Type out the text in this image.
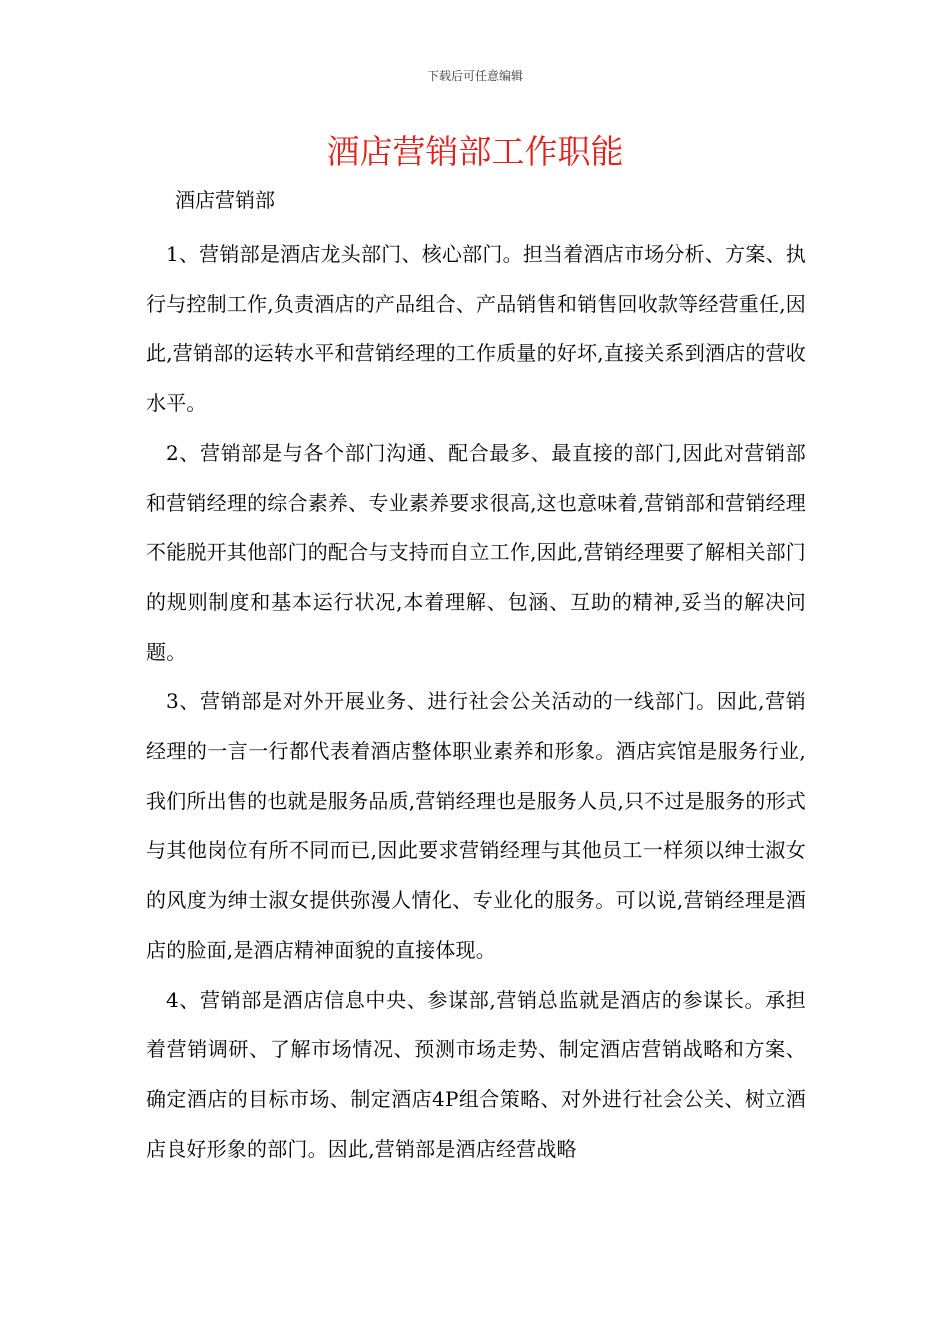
下载后可任意编辑
酒店营销部工作职能

酒店营销部

1、营销部是酒店龙头部门、核心部门。担当着酒店市场分析、方案、执行与控制工作,负责酒店的产品组合、产品销售和销售回收款等经营重任,因此,营销部的运转水平和营销经理的工作质量的好坏,直接关系到酒店的营收水平。

2、营销部是与各个部门沟通、配合最多、最直接的部门,因此对营销部和营销经理的综合素养、专业素养要求很高,这也意味着,营销部和营销经理不能脱开其他部门的配合与支持而自立工作,因此,营销经理要了解相关部门的规则制度和基本运行状况,本着理解、包涵、互助的精神,妥当的解决问题。

3、营销部是对外开展业务、进行社会公关活动的一线部门。因此,营销经理的一言一行都代表着酒店整体职业素养和形象。酒店宾馆是服务行业,我们所出售的也就是服务品质,营销经理也是服务人员,只不过是服务的形式与其他岗位有所不同而已,因此要求营销经理与其他员工一样须以绅士淑女的风度为绅士淑女提供弥漫人情化、专业化的服务。可以说,营销经理是酒店的脸面,是酒店精神面貌的直接体现。

4、营销部是酒店信息中央、参谋部,营销总监就是酒店的参谋长。承担着营销调研、了解市场情况、预测市场走势、制定酒店营销战略和方案、确定酒店的目标市场、制定酒店4P组合策略、对外进行社会公关、树立酒店良好形象的部门。因此,营销部是酒店经营战略
